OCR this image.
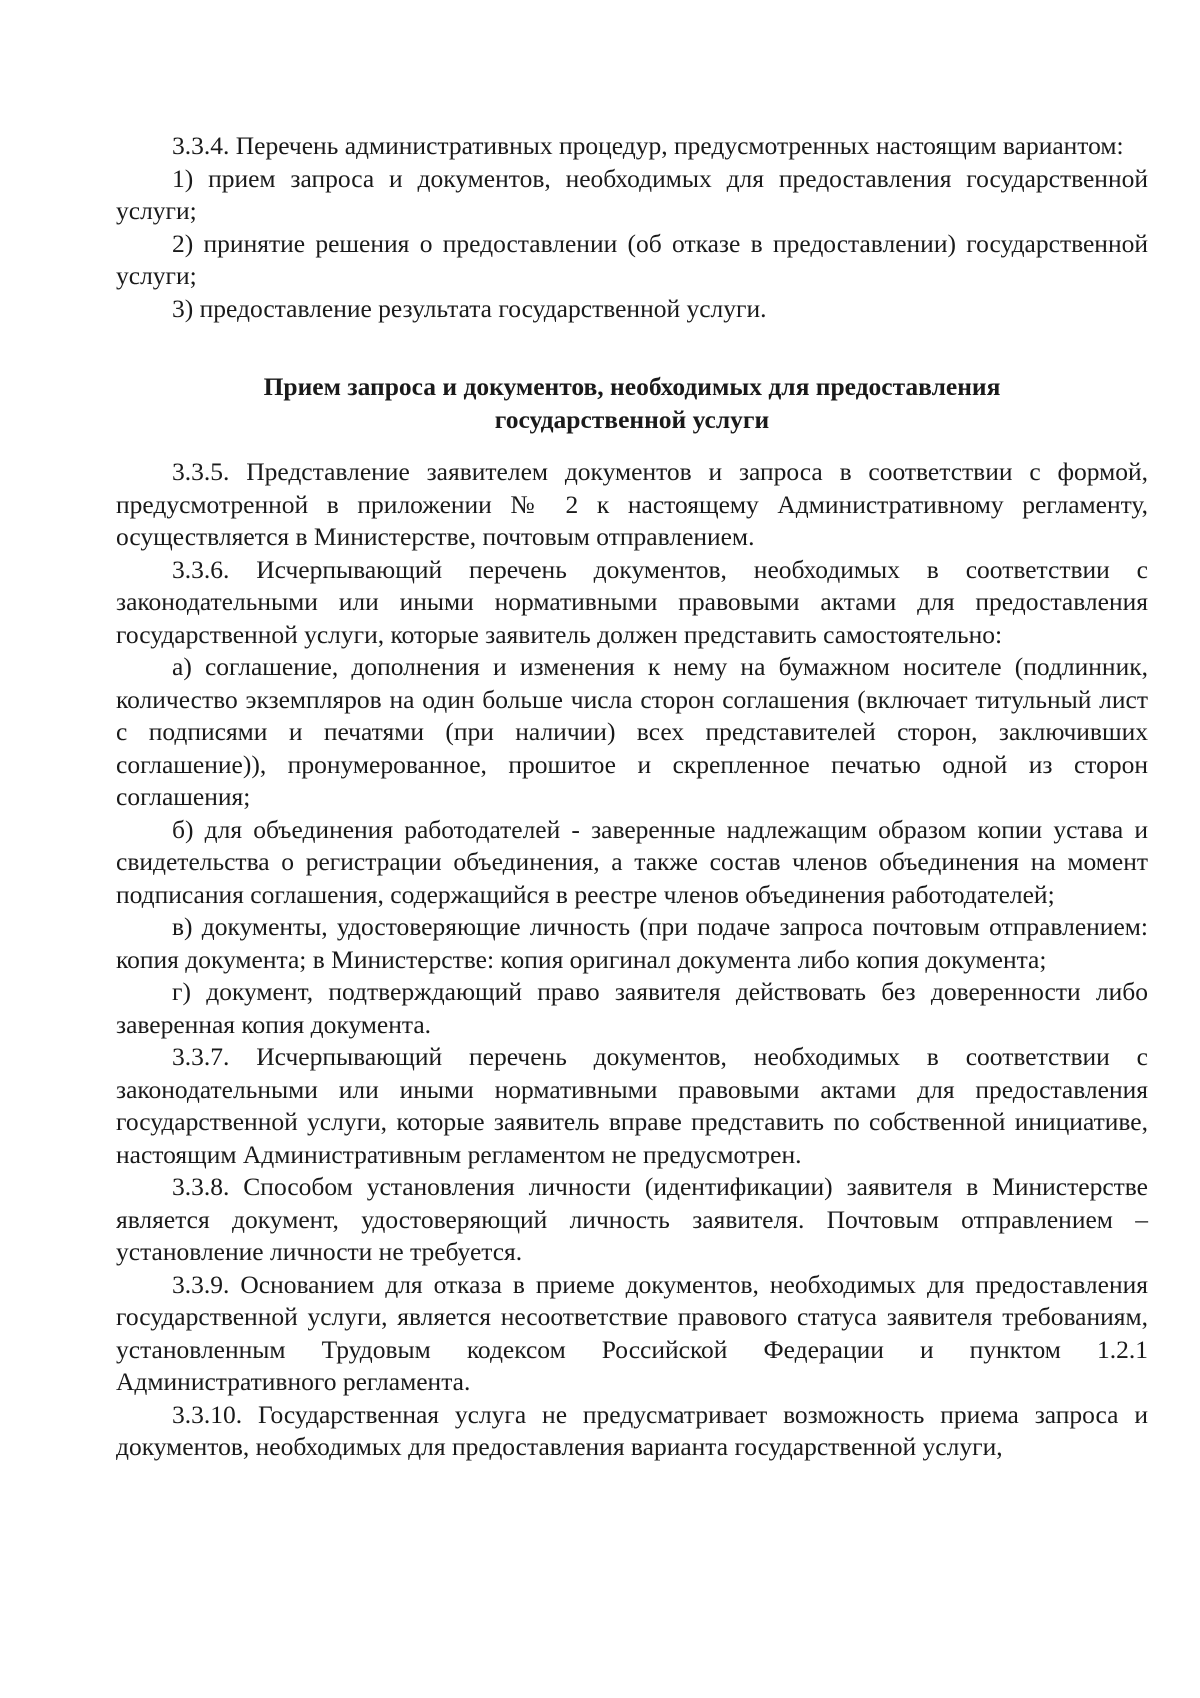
3.3.4. Перечень административных процедур, предусмотренных настоящим вариантом:

1) прием запроса и документов, необходимых для предоставления государственной услуги;

2) принятие решения о предоставлении (об отказе в предоставлении) государственной услуги;

3) предоставление результата государственной услуги.

Прием запроса и документов, необходимых для предоставления
государственной услуги

3.3.5. Представление заявителем документов и запроса в соответствии с формой, предусмотренной в приложении № 2 к настоящему Административному регламенту, осуществляется в Министерстве, почтовым отправлением.

3.3.6. Исчерпывающий перечень документов, необходимых в соответствии с законодательными или иными нормативными правовыми актами для предоставления государственной услуги, которые заявитель должен представить самостоятельно:

а) соглашение, дополнения и изменения к нему на бумажном носителе (подлинник, количество экземпляров на один больше числа сторон соглашения (включает титульный лист с подписями и печатями (при наличии) всех представителей сторон, заключивших соглашение)), пронумерованное, прошитое и скрепленное печатью одной из сторон соглашения;

б) для объединения работодателей - заверенные надлежащим образом копии устава и свидетельства о регистрации объединения, а также состав членов объединения на момент подписания соглашения, содержащийся в реестре членов объединения работодателей;

в) документы, удостоверяющие личность (при подаче запроса почтовым отправлением: копия документа; в Министерстве: копия оригинал документа либо копия документа;

г) документ, подтверждающий право заявителя действовать без доверенности либо заверенная копия документа.

3.3.7. Исчерпывающий перечень документов, необходимых в соответствии с законодательными или иными нормативными правовыми актами для предоставления государственной услуги, которые заявитель вправе представить по собственной инициативе, настоящим Административным регламентом не предусмотрен.

3.3.8. Способом установления личности (идентификации) заявителя в Министерстве является документ, удостоверяющий личность заявителя. Почтовым отправлением – установление личности не требуется.

3.3.9. Основанием для отказа в приеме документов, необходимых для предоставления государственной услуги, является несоответствие правового статуса заявителя требованиям, установленным Трудовым кодексом Российской Федерации и пунктом 1.2.1 Административного регламента.

3.3.10. Государственная услуга не предусматривает возможность приема запроса и документов, необходимых для предоставления варианта государственной услуги,
